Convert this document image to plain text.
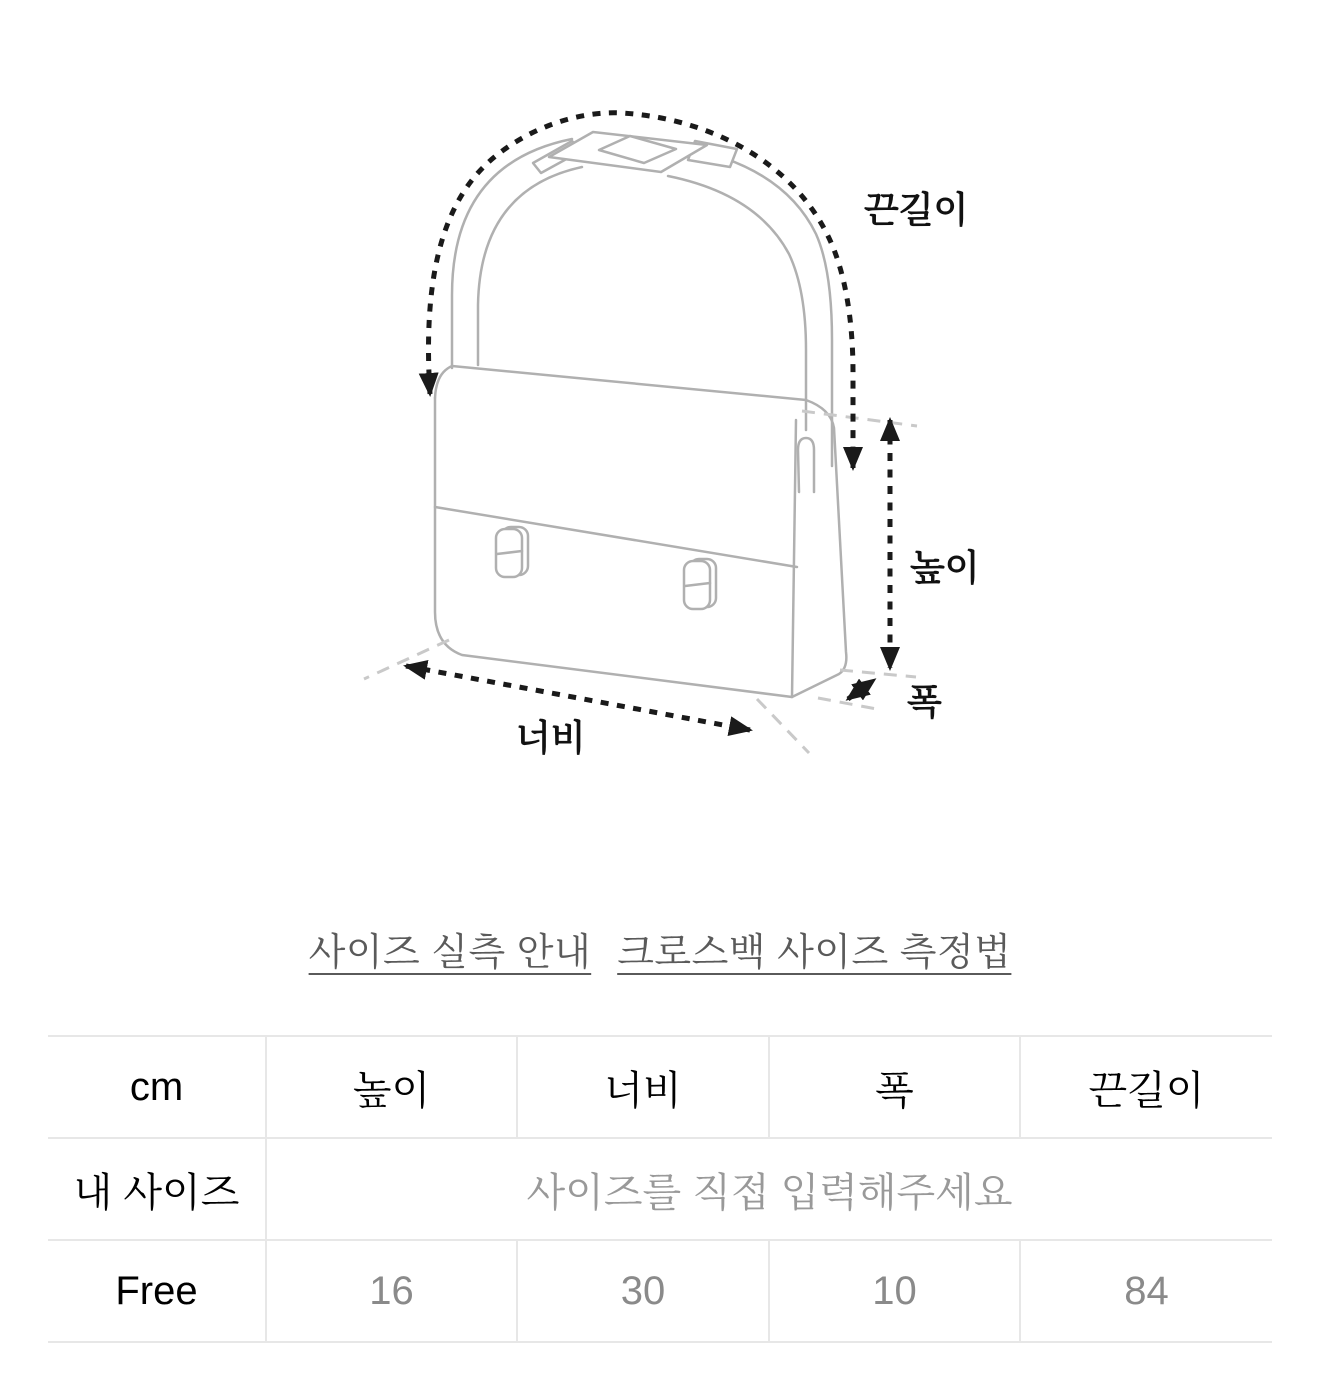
끈길이
높이
폭
너비
사이즈 실측 안내 크로스백 사이즈 측정법
cm	높이	너비	폭	끈길이
내 사이즈	사이즈를 직접 입력해주세요			
Free	16	30	10	84
